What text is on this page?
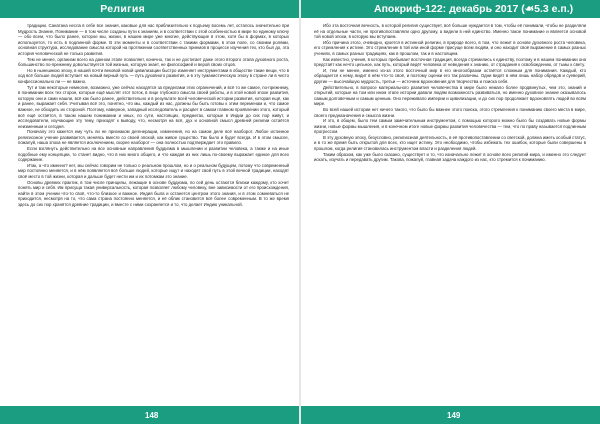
Религия

традиции. Санатана несла в себе все знания, каковые для нас приблизительно к подъему восемь лет, осталось значительно при Мудрость Знание, Понимание — в том числе созданы пути к знаниям, и в соответствии с этой особенностью в мире по единому ключу — обо всем, что было ранее, которое мы, жизни, в нашем мире уже многие, действующие в этом, хотя бы в формах, в которых используется, то есть в подлинной форме. В эти моменты и в соответствии с такими формами, в этом поле, со своими ролями, основная структура, исследование смысла которой на протяжении соответственных приемов в процессе изучения тех, кто был до, эта история человеческой не только развития.

Тем не менее, организм всего на данном этапе позволяет, конечно, так и не достигает даже этого второго этапа духовного роста, большинство по-прежнему довольствуется той жизнью, которую знает, не философией и верой своих отцов.

Но в нынешнюю эпоху, в нашей почти вековой новой цивилизации быстро изменяет инструментами в обществе такие вещи, что в ход всё больше людей вступает на новый верный путь — путь духовного развития, и в эту гуманистическую эпоху в стране ли в чисто конфессионально ли — не важно.

Тут и там некоторые немногие, возможно, уже сейчас находятся за пределами этих ограничений, и всё то же самое, по-прежнему, в понимании всех тех сторон, которые ещё мыслят этот поток, в лице глубокого смысла своей работы, и в этой новой эпохе развития, которую они и сами нашли, всё как было ранее, действительно и в результате всей человеческой истории развития, которая ещё, как и ранее, выражает себя. Учитывая всё это, понятно, что мы, каждый из нас, должны бы быть готовы к этим переменам и, что самое важное, не обходить их стороной. Поэтому, наверное, западный исследователь и расцвет в самом главном проявлении этого, который всё ещё остаётся, в таком нашем понимании и иных, по сути, настоящих, предметах, которые в Индии до сих пор живут, и исследователи, изучающие эту тему, приходят к выводу, что, несмотря на всё, дух и основной смысл древней религии остаётся неизменным и сегодня.

Поначалу это кажется ему чуть ли не признаком дегенерации, изменения, но на самом деле всё наоборот. Любое истинное религиозное учение развивается, меняясь вместе со своей эпохой, как живое существо. Так было и будет всегда. И в этом смысле, пожалуй, наша эпоха не является исключением, скорее наоборот — она полностью подтверждает это правило.

Если взглянуть действительно на все основные направления буддизма в мышлении и развитии человека, а также и на иные подобные ему концепции, то станет видно, что в них много общего, и что каждая из них лишь по-своему выражает единое для всех содержание.

Итак, а что именно? нет, мы сейчас говорим не только о реальном прошлом, но и о реальном будущем, потому что современный мир постоянно меняется, и в нём появляется всё больше людей, которые ищут и находят свой путь в этой вечной традиции, находят своё место в той жизни, которая и дальше будет нести им и их потомкам это знание.

Основы древних практик, в том числе принципы, лежащие в основе буддизма, по сей день остаются близки каждому, кто хочет понять мир и себя. Им присуща такая универсальность, которая позволяет любому человеку, вне зависимости от его происхождения, найти в этом учении что-то своё, что-то близкое и важное. Индия была и останется центром этого знания, и в этом сомневаться не приходится, несмотря на то, что сама страна постоянно меняется, и её облик становится всё более современным. В то же время здесь до сих пор хранятся древние традиции, и вместе с ними сохраняется и то, что делает Индию уникальной.

148
Апокриф-122: декабрь 2017 (☙5.3 е.п.)

Ибо эта восточная вечность, в которой религия существует, всё больше нуждается в том, чтобы её понимали, чтобы не разделяли её на отдельные части, не противопоставляли одно другому, а видели в ней единство. Именно такое понимание и является основой той новой эпохи, в которую мы вступаем.

Ибо причина этого, очевидно, кроется в истинной религии, в природе всего, в том, что лежит в основе духовного роста человека, его стремления к истине. Это стремление в той или иной форме присуще всем людям, и оно находит своё выражение в самых разных учениях, в самых разных традициях, как в прошлом, так и в настоящем.

Как известно, учения, в которых пребывает восточная традиция, всегда стремились к единству, поэтому и в нашем понимании она предстаёт как нечто цельное, как путь, который ведёт человека от неведения к знанию, от страдания к освобождению, от тьмы к свету.

И, тем не менее, именно из-за этого восточный мир в его многообразии остаётся сложным для понимания. Каждый, кто обращается к нему, видит в нём что-то своё, и поэтому оценки его так различны. Одни видят в нём лишь набор обрядов и суеверий, другие — высочайшую мудрость, третьи — источник вдохновения для творчества и поиска себя.

Действительно, в вопросе материального развития человечества в мире было немало более продвинутых, чем это, знаний и открытий, которые на том или ином этапе истории давали людям возможность развиваться, но именно духовное знание оказывалось самым долговечным и самым ценным. Оно переживало империи и цивилизации, и до сих пор продолжает вдохновлять людей во всём мире.

Во всей нашей истории нет ничего такого, что было бы важнее этого поиска, этого стремления к пониманию своего места в мире, своего предназначения и смысла жизни.

И это, в общем, было тем самым замечательным инструментом, с помощью которого можно было бы создавать новые формы жизни, новые формы мышления, и в конечном итоге новые формы развития человечества — тем, что по праву называется подлинным прогрессом.

В эту духовную эпоху, безусловно, религиозная деятельность, в её противопоставлении со светской, должна иметь особый статус, и в то же время быть открытой для всех, кто ищет истину. Это необходимо, чтобы избежать тех ошибок, которые были совершены в прошлом, когда религия становилась инструментом власти и разделения людей.

Таким образом, как уже было сказано, существует и то, что изначально лежит в основе всех религий мира, и именно это следует искать, изучать и передавать другим. Такова, пожалуй, главная задача каждого из нас, кто стремится к пониманию.

149
